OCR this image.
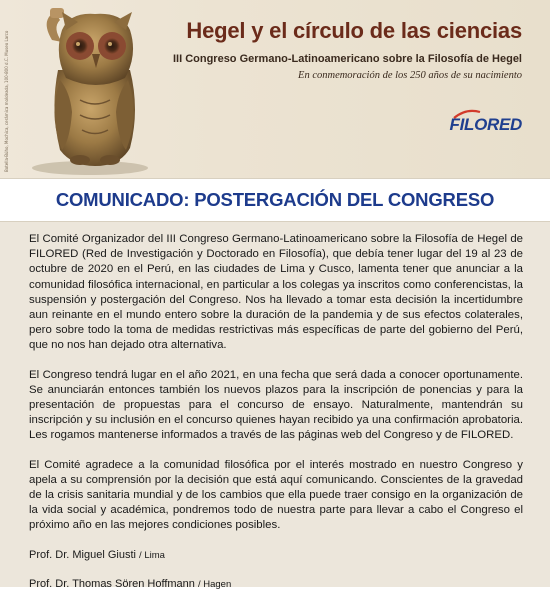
Botella-Búho, Mochica, cerámica moldeada, 100-800 d.C. Museo Larco
Hegel y el círculo de las ciencias

III Congreso Germano-Latinoamericano sobre la Filosofía de Hegel

En conmemoración de los 250 años de su nacimiento

FILORED
COMUNICADO: POSTERGACIÓN DEL CONGRESO

El Comité Organizador del III Congreso Germano-Latinoamericano sobre la Filosofía de Hegel de FILORED (Red de Investigación y Doctorado en Filosofía), que debía tener lugar del 19 al 23 de octubre de 2020 en el Perú, en las ciudades de Lima y Cusco, lamenta tener que anunciar a la comunidad filosófica internacional, en particular a los colegas ya inscritos como conferencistas, la suspensión y postergación del Congreso. Nos ha llevado a tomar esta decisión la incertidumbre aun reinante en el mundo entero sobre la duración de la pandemia y de sus efectos colaterales, pero sobre todo la toma de medidas restrictivas más específicas de parte del gobierno del Perú, que no nos han dejado otra alternativa.

El Congreso tendrá lugar en el año 2021, en una fecha que será dada a conocer oportunamente. Se anunciarán entonces también los nuevos plazos para la inscripción de ponencias y para la presentación de propuestas para el concurso de ensayo. Naturalmente, mantendrán su inscripción y su inclusión en el concurso quienes hayan recibido ya una confirmación aprobatoria. Les rogamos mantenerse informados a través de las páginas web del Congreso y de FILORED.

El Comité agradece a la comunidad filosófica por el interés mostrado en nuestro Congreso y apela a su comprensión por la decisión que está aquí comunicando. Conscientes de la gravedad de la crisis sanitaria mundial y de los cambios que ella puede traer consigo en la organización de la vida social y académica, pondremos todo de nuestra parte para llevar a cabo el Congreso el próximo año en las mejores condiciones posibles.

Prof. Dr. Miguel Giusti / Lima

Prof. Dr. Thomas Sören Hoffmann / Hagen
